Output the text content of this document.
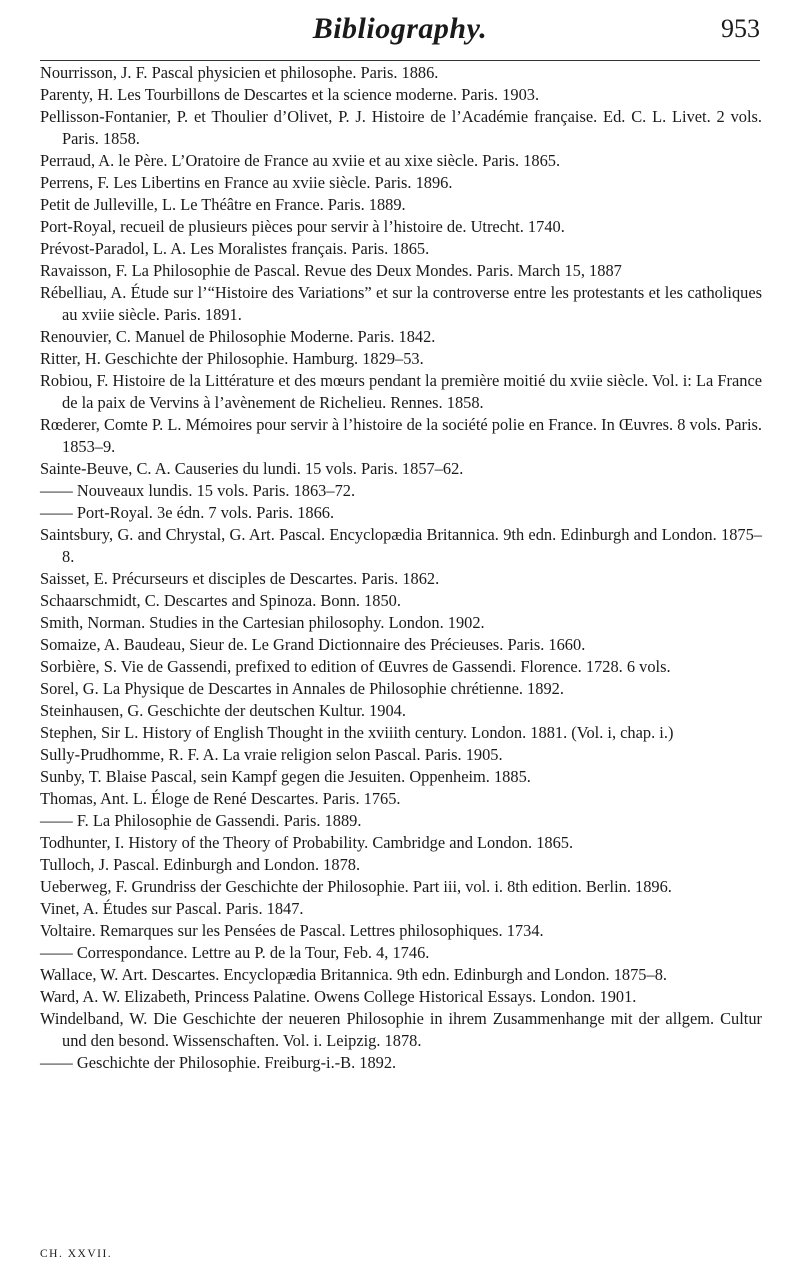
Bibliography.	953
Nourrisson, J. F. Pascal physicien et philosophe. Paris. 1886.
Parenty, H. Les Tourbillons de Descartes et la science moderne. Paris. 1903.
Pellisson-Fontanier, P. et Thoulier d’Olivet, P. J. Histoire de l’Académie française. Ed. C. L. Livet. 2 vols. Paris. 1858.
Perraud, A. le Père. L’Oratoire de France au xviie et au xixe siècle. Paris. 1865.
Perrens, F. Les Libertins en France au xviie siècle. Paris. 1896.
Petit de Julleville, L. Le Théâtre en France. Paris. 1889.
Port-Royal, recueil de plusieurs pièces pour servir à l’histoire de. Utrecht. 1740.
Prévost-Paradol, L. A. Les Moralistes français. Paris. 1865.
Ravaisson, F. La Philosophie de Pascal. Revue des Deux Mondes. Paris. March 15, 1887
Rébelliau, A. Étude sur l’“Histoire des Variations” et sur la controverse entre les protestants et les catholiques au xviie siècle. Paris. 1891.
Renouvier, C. Manuel de Philosophie Moderne. Paris. 1842.
Ritter, H. Geschichte der Philosophie. Hamburg. 1829–53.
Robiou, F. Histoire de la Littérature et des mœurs pendant la première moitié du xviie siècle. Vol. i: La France de la paix de Vervins à l’avènement de Richelieu. Rennes. 1858.
Rœderer, Comte P. L. Mémoires pour servir à l’histoire de la société polie en France. In Œuvres. 8 vols. Paris. 1853–9.
Sainte-Beuve, C. A. Causeries du lundi. 15 vols. Paris. 1857–62.
—— Nouveaux lundis. 15 vols. Paris. 1863–72.
—— Port-Royal. 3e édn. 7 vols. Paris. 1866.
Saintsbury, G. and Chrystal, G. Art. Pascal. Encyclopædia Britannica. 9th edn. Edinburgh and London. 1875–8.
Saisset, E. Précurseurs et disciples de Descartes. Paris. 1862.
Schaarschmidt, C. Descartes and Spinoza. Bonn. 1850.
Smith, Norman. Studies in the Cartesian philosophy. London. 1902.
Somaize, A. Baudeau, Sieur de. Le Grand Dictionnaire des Précieuses. Paris. 1660.
Sorbière, S. Vie de Gassendi, prefixed to edition of Œuvres de Gassendi. Florence. 1728. 6 vols.
Sorel, G. La Physique de Descartes in Annales de Philosophie chrétienne. 1892.
Steinhausen, G. Geschichte der deutschen Kultur. 1904.
Stephen, Sir L. History of English Thought in the xviiith century. London. 1881. (Vol. i, chap. i.)
Sully-Prudhomme, R. F. A. La vraie religion selon Pascal. Paris. 1905.
Sunby, T. Blaise Pascal, sein Kampf gegen die Jesuiten. Oppenheim. 1885.
Thomas, Ant. L. Éloge de René Descartes. Paris. 1765.
—— F. La Philosophie de Gassendi. Paris. 1889.
Todhunter, I. History of the Theory of Probability. Cambridge and London. 1865.
Tulloch, J. Pascal. Edinburgh and London. 1878.
Ueberweg, F. Grundriss der Geschichte der Philosophie. Part iii, vol. i. 8th edition. Berlin. 1896.
Vinet, A. Études sur Pascal. Paris. 1847.
Voltaire. Remarques sur les Pensées de Pascal. Lettres philosophiques. 1734.
—— Correspondance. Lettre au P. de la Tour, Feb. 4, 1746.
Wallace, W. Art. Descartes. Encyclopædia Britannica. 9th edn. Edinburgh and London. 1875–8.
Ward, A. W. Elizabeth, Princess Palatine. Owens College Historical Essays. London. 1901.
Windelband, W. Die Geschichte der neueren Philosophie in ihrem Zusammenhange mit der allgem. Cultur und den besond. Wissenschaften. Vol. i. Leipzig. 1878.
—— Geschichte der Philosophie. Freiburg-i.-B. 1892.
CH. XXVII.
